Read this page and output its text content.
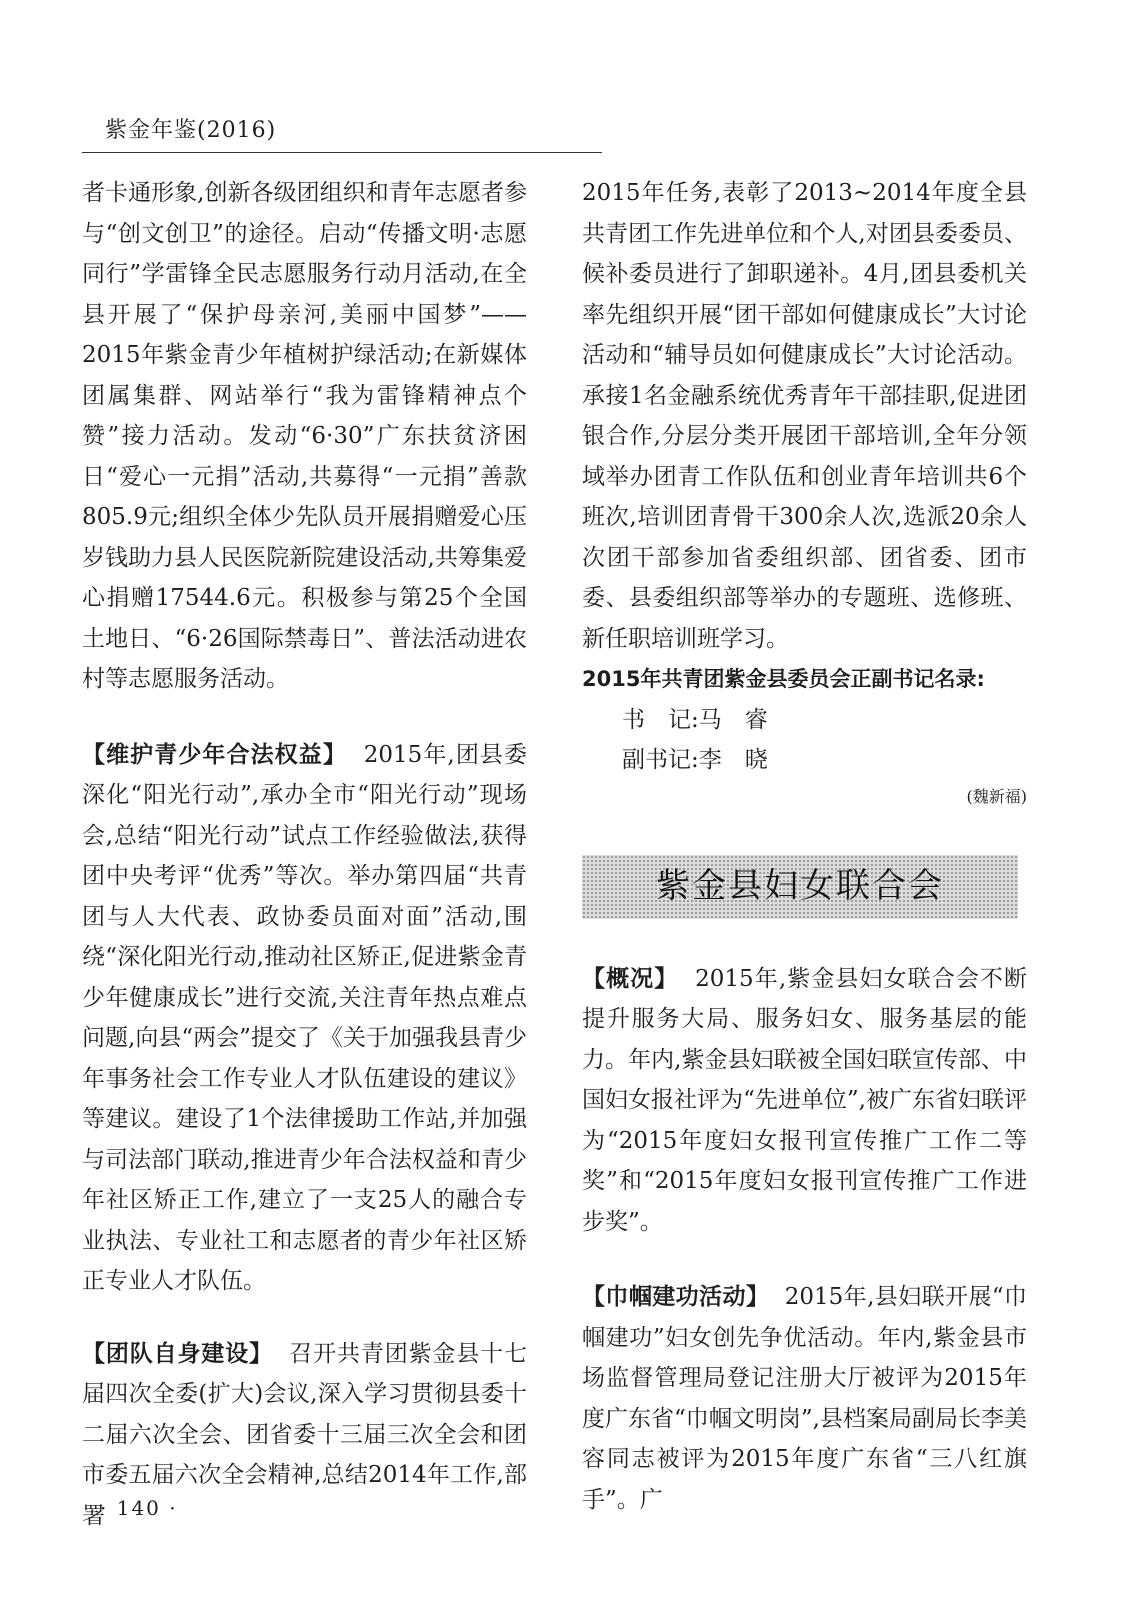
紫金年鉴(2016)

者卡通形象,创新各级团组织和青年志愿者参与“创文创卫”的途径。启动“传播文明·志愿同行”学雷锋全民志愿服务行动月活动,在全县开展了“保护母亲河,美丽中国梦”——2015年紫金青少年植树护绿活动;在新媒体团属集群、网站举行“我为雷锋精神点个赞”接力活动。发动“6·30”广东扶贫济困日“爱心一元捐”活动,共募得“一元捐”善款805.9元;组织全体少先队员开展捐赠爱心压岁钱助力县人民医院新院建设活动,共筹集爱心捐赠17544.6元。积极参与第25个全国土地日、“6·26国际禁毒日”、普法活动进农村等志愿服务活动。

【维护青少年合法权益】 2015年,团县委深化“阳光行动”,承办全市“阳光行动”现场会,总结“阳光行动”试点工作经验做法,获得团中央考评“优秀”等次。举办第四届“共青团与人大代表、政协委员面对面”活动,围绕“深化阳光行动,推动社区矫正,促进紫金青少年健康成长”进行交流,关注青年热点难点问题,向县“两会”提交了《关于加强我县青少年事务社会工作专业人才队伍建设的建议》等建议。建设了1个法律援助工作站,并加强与司法部门联动,推进青少年合法权益和青少年社区矫正工作,建立了一支25人的融合专业执法、专业社工和志愿者的青少年社区矫正专业人才队伍。

【团队自身建设】 召开共青团紫金县十七届四次全委(扩大)会议,深入学习贯彻县委十二届六次全会、团省委十三届三次全会和团市委五届六次全会精神,总结2014年工作,部署

2015年任务,表彰了2013~2014年度全县共青团工作先进单位和个人,对团县委委员、候补委员进行了卸职递补。4月,团县委机关率先组织开展“团干部如何健康成长”大讨论活动和“辅导员如何健康成长”大讨论活动。承接1名金融系统优秀青年干部挂职,促进团银合作,分层分类开展团干部培训,全年分领域举办团青工作队伍和创业青年培训共6个班次,培训团青骨干300余人次,选派20余人次团干部参加省委组织部、团省委、团市委、县委组织部等举办的专题班、选修班、新任职培训班学习。

2015年共青团紫金县委员会正副书记名录:

书　记:马　睿

副书记:李　晓

(魏新福)

紫金县妇女联合会

【概况】 2015年,紫金县妇女联合会不断提升服务大局、服务妇女、服务基层的能力。年内,紫金县妇联被全国妇联宣传部、中国妇女报社评为“先进单位”,被广东省妇联评为“2015年度妇女报刊宣传推广工作二等奖”和“2015年度妇女报刊宣传推广工作进步奖”。

【巾帼建功活动】 2015年,县妇联开展“巾帼建功”妇女创先争优活动。年内,紫金县市场监督管理局登记注册大厅被评为2015年度广东省“巾帼文明岗”,县档案局副局长李美容同志被评为2015年度广东省“三八红旗手”。广

· 140 ·
